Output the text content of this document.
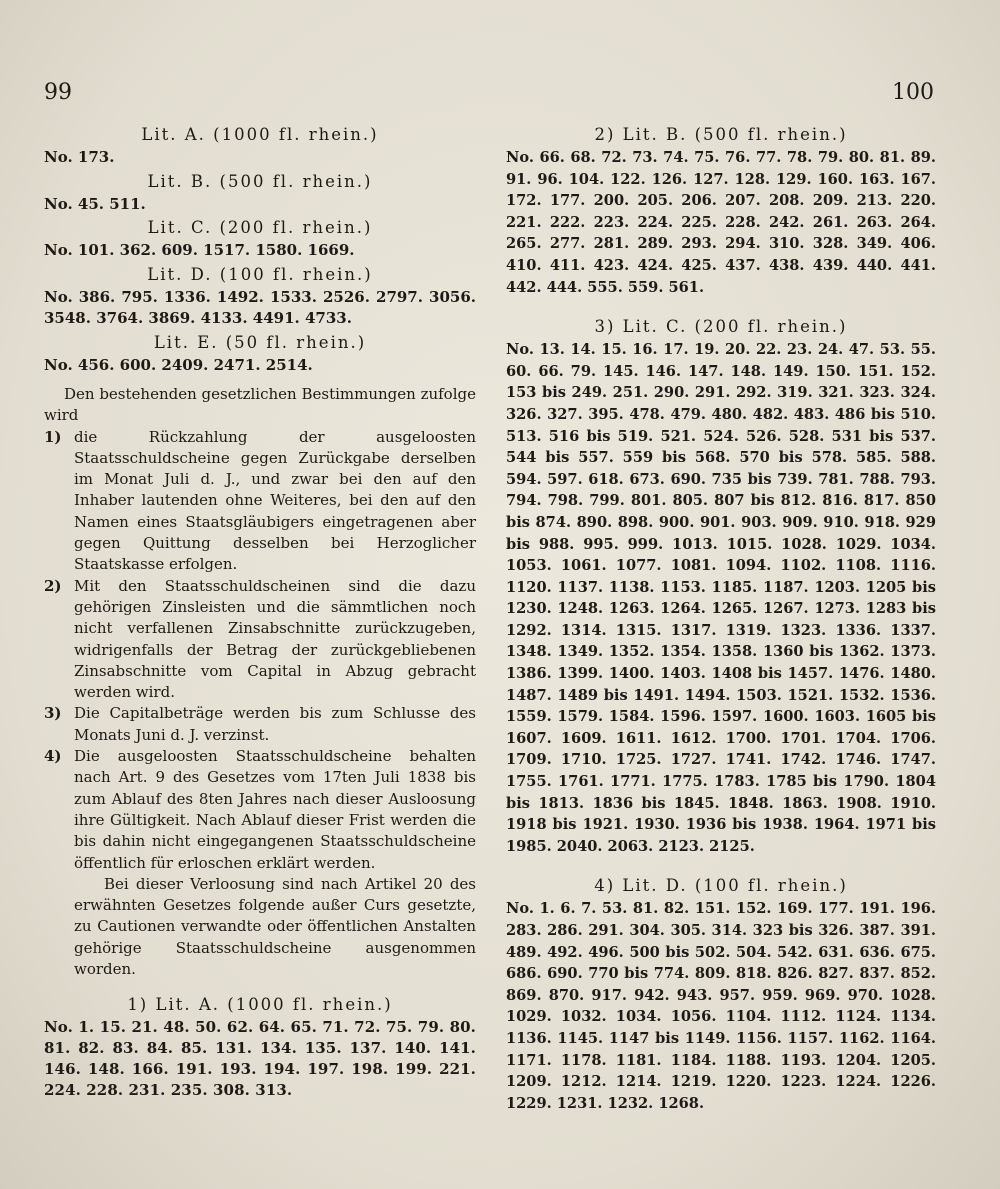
99	100
Lit. A. (1000 fl. rhein.)
No. 173.
Lit. B. (500 fl. rhein.)
No. 45. 511.
Lit. C. (200 fl. rhein.)
No. 101. 362. 609. 1517. 1580. 1669.
Lit. D. (100 fl. rhein.)
No. 386. 795. 1336. 1492. 1533. 2526. 2797. 3056. 3548. 3764. 3869. 4133. 4491. 4733.
Lit. E. (50 fl. rhein.)
No. 456. 600. 2409. 2471. 2514.
Den bestehenden gesetzlichen Bestimmungen zufolge wird
1) die Rückzahlung der ausgeloosten Staatsschuldscheine gegen Zurückgabe derselben im Monat Juli d. J., und zwar bei den auf den Inhaber lautenden ohne Weiteres, bei den auf den Namen eines Staatsgläubigers eingetragenen aber gegen Quittung desselben bei Herzoglicher Staatskasse erfolgen.
2) Mit den Staatsschuldscheinen sind die dazu gehörigen Zinsleisten und die sämmtlichen noch nicht verfallenen Zinsabschnitte zurückzugeben, widrigenfalls der Betrag der zurückgebliebenen Zinsabschnitte vom Capital in Abzug gebracht werden wird.
3) Die Capitalbeträge werden bis zum Schlusse des Monats Juni d. J. verzinst.
4) Die ausgeloosten Staatsschuldscheine behalten nach Art. 9 des Gesetzes vom 17ten Juli 1838 bis zum Ablauf des 8ten Jahres nach dieser Ausloosung ihre Gültigkeit. Nach Ablauf dieser Frist werden die bis dahin nicht eingegangenen Staatsschuldscheine öffentlich für erloschen erklärt werden.
Bei dieser Verloosung sind nach Artikel 20 des erwähnten Gesetzes folgende außer Curs gesetzte, zu Cautionen verwandte oder öffentlichen Anstalten gehörige Staatsschuldscheine ausgenommen worden.
1) Lit. A. (1000 fl. rhein.)
No. 1. 15. 21. 48. 50. 62. 64. 65. 71. 72. 75. 79. 80. 81. 82. 83. 84. 85. 131. 134. 135. 137. 140. 141. 146. 148. 166. 191. 193. 194. 197. 198. 199. 221. 224. 228. 231. 235. 308. 313.
2) Lit. B. (500 fl. rhein.)
No. 66. 68. 72. 73. 74. 75. 76. 77. 78. 79. 80. 81. 89. 91. 96. 104. 122. 126. 127. 128. 129. 160. 163. 167. 172. 177. 200. 205. 206. 207. 208. 209. 213. 220. 221. 222. 223. 224. 225. 228. 242. 261. 263. 264. 265. 277. 281. 289. 293. 294. 310. 328. 349. 406. 410. 411. 423. 424. 425. 437. 438. 439. 440. 441. 442. 444. 555. 559. 561.
3) Lit. C. (200 fl. rhein.)
No. 13. 14. 15. 16. 17. 19. 20. 22. 23. 24. 47. 53. 55. 60. 66. 79. 145. 146. 147. 148. 149. 150. 151. 152. 153 bis 249. 251. 290. 291. 292. 319. 321. 323. 324. 326. 327. 395. 478. 479. 480. 482. 483. 486 bis 510. 513. 516 bis 519. 521. 524. 526. 528. 531 bis 537. 544 bis 557. 559 bis 568. 570 bis 578. 585. 588. 594. 597. 618. 673. 690. 735 bis 739. 781. 788. 793. 794. 798. 799. 801. 805. 807 bis 812. 816. 817. 850 bis 874. 890. 898. 900. 901. 903. 909. 910. 918. 929 bis 988. 995. 999. 1013. 1015. 1028. 1029. 1034. 1053. 1061. 1077. 1081. 1094. 1102. 1108. 1116. 1120. 1137. 1138. 1153. 1185. 1187. 1203. 1205 bis 1230. 1248. 1263. 1264. 1265. 1267. 1273. 1283 bis 1292. 1314. 1315. 1317. 1319. 1323. 1336. 1337. 1348. 1349. 1352. 1354. 1358. 1360 bis 1362. 1373. 1386. 1399. 1400. 1403. 1408 bis 1457. 1476. 1480. 1487. 1489 bis 1491. 1494. 1503. 1521. 1532. 1536. 1559. 1579. 1584. 1596. 1597. 1600. 1603. 1605 bis 1607. 1609. 1611. 1612. 1700. 1701. 1704. 1706. 1709. 1710. 1725. 1727. 1741. 1742. 1746. 1747. 1755. 1761. 1771. 1775. 1783. 1785 bis 1790. 1804 bis 1813. 1836 bis 1845. 1848. 1863. 1908. 1910. 1918 bis 1921. 1930. 1936 bis 1938. 1964. 1971 bis 1985. 2040. 2063. 2123. 2125.
4) Lit. D. (100 fl. rhein.)
No. 1. 6. 7. 53. 81. 82. 151. 152. 169. 177. 191. 196. 283. 286. 291. 304. 305. 314. 323 bis 326. 387. 391. 489. 492. 496. 500 bis 502. 504. 542. 631. 636. 675. 686. 690. 770 bis 774. 809. 818. 826. 827. 837. 852. 869. 870. 917. 942. 943. 957. 959. 969. 970. 1028. 1029. 1032. 1034. 1056. 1104. 1112. 1124. 1134. 1136. 1145. 1147 bis 1149. 1156. 1157. 1162. 1164. 1171. 1178. 1181. 1184. 1188. 1193. 1204. 1205. 1209. 1212. 1214. 1219. 1220. 1223. 1224. 1226. 1229. 1231. 1232. 1268.
